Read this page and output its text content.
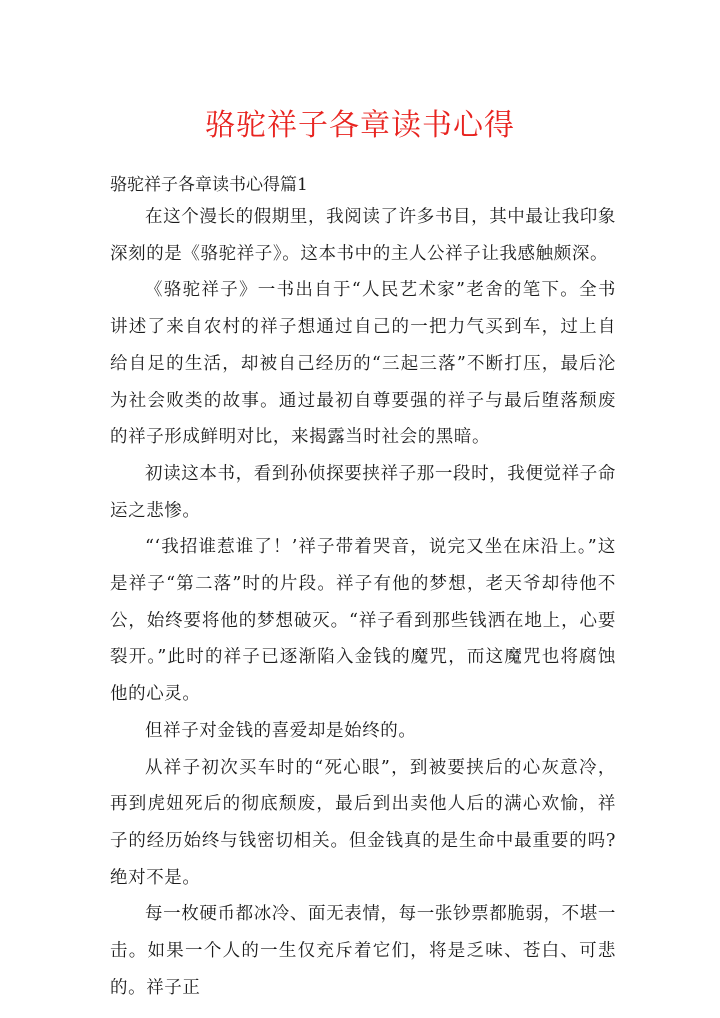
骆驼祥子各章读书心得
骆驼祥子各章读书心得篇1

在这个漫长的假期里，我阅读了许多书目，其中最让我印象深刻的是《骆驼祥子》。这本书中的主人公祥子让我感触颇深。

《骆驼祥子》一书出自于“人民艺术家”老舍的笔下。全书讲述了来自农村的祥子想通过自己的一把力气买到车，过上自给自足的生活，却被自己经历的“三起三落”不断打压，最后沦为社会败类的故事。通过最初自尊要强的祥子与最后堕落颓废的祥子形成鲜明对比，来揭露当时社会的黑暗。

初读这本书，看到孙侦探要挟祥子那一段时，我便觉祥子命运之悲惨。

“‘我招谁惹谁了！’祥子带着哭音，说完又坐在床沿上。”这是祥子“第二落”时的片段。祥子有他的梦想，老天爷却待他不公，始终要将他的梦想破灭。“祥子看到那些钱洒在地上，心要裂开。”此时的祥子已逐渐陷入金钱的魔咒，而这魔咒也将腐蚀他的心灵。

但祥子对金钱的喜爱却是始终的。

从祥子初次买车时的“死心眼”，到被要挟后的心灰意冷，再到虎妞死后的彻底颓废，最后到出卖他人后的满心欢愉，祥子的经历始终与钱密切相关。但金钱真的是生命中最重要的吗?绝对不是。

每一枚硬币都冰冷、面无表情，每一张钞票都脆弱，不堪一击。如果一个人的一生仅充斥着它们，将是乏味、苍白、可悲的。祥子正
